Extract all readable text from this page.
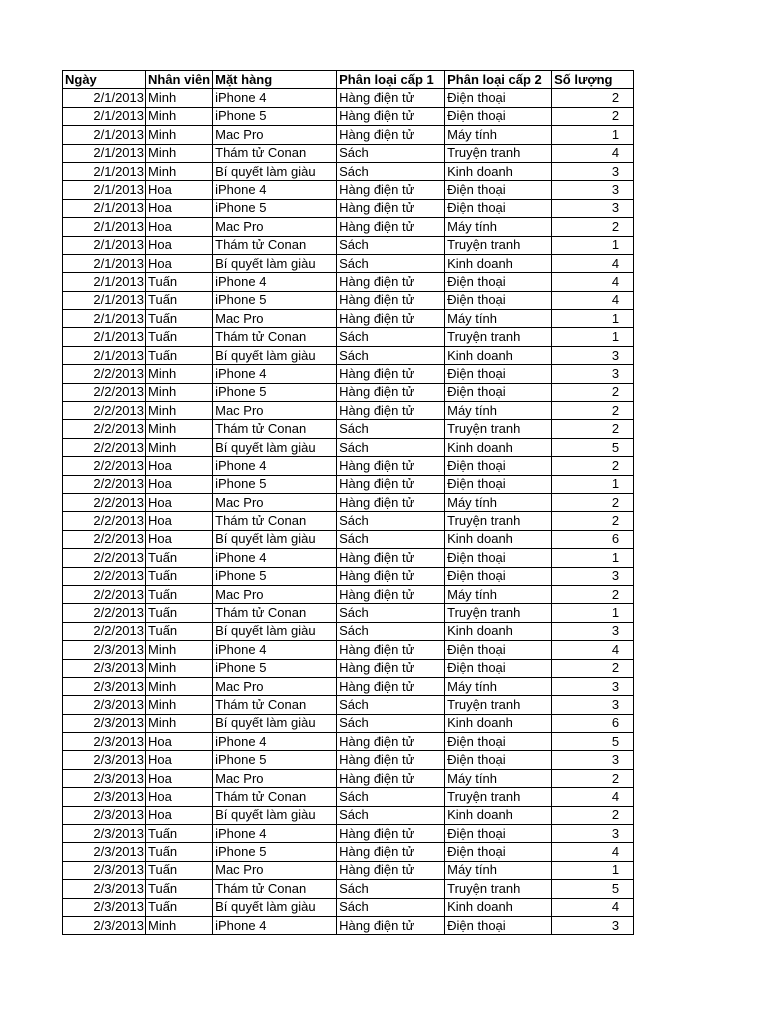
Ngày	Nhân viên	Mặt hàng	Phân loại cấp 1	Phân loại cấp 2	Số lượng
2/1/2013	Minh	iPhone 4	Hàng điện tử	Điện thoại	2
2/1/2013	Minh	iPhone 5	Hàng điện tử	Điện thoại	2
2/1/2013	Minh	Mac Pro	Hàng điện tử	Máy tính	1
2/1/2013	Minh	Thám tử Conan	Sách	Truyện tranh	4
2/1/2013	Minh	Bí quyết làm giàu	Sách	Kinh doanh	3
2/1/2013	Hoa	iPhone 4	Hàng điện tử	Điện thoại	3
2/1/2013	Hoa	iPhone 5	Hàng điện tử	Điện thoại	3
2/1/2013	Hoa	Mac Pro	Hàng điện tử	Máy tính	2
2/1/2013	Hoa	Thám tử Conan	Sách	Truyện tranh	1
2/1/2013	Hoa	Bí quyết làm giàu	Sách	Kinh doanh	4
2/1/2013	Tuấn	iPhone 4	Hàng điện tử	Điện thoại	4
2/1/2013	Tuấn	iPhone 5	Hàng điện tử	Điện thoại	4
2/1/2013	Tuấn	Mac Pro	Hàng điện tử	Máy tính	1
2/1/2013	Tuấn	Thám tử Conan	Sách	Truyện tranh	1
2/1/2013	Tuấn	Bí quyết làm giàu	Sách	Kinh doanh	3
2/2/2013	Minh	iPhone 4	Hàng điện tử	Điện thoại	3
2/2/2013	Minh	iPhone 5	Hàng điện tử	Điện thoại	2
2/2/2013	Minh	Mac Pro	Hàng điện tử	Máy tính	2
2/2/2013	Minh	Thám tử Conan	Sách	Truyện tranh	2
2/2/2013	Minh	Bí quyết làm giàu	Sách	Kinh doanh	5
2/2/2013	Hoa	iPhone 4	Hàng điện tử	Điện thoại	2
2/2/2013	Hoa	iPhone 5	Hàng điện tử	Điện thoại	1
2/2/2013	Hoa	Mac Pro	Hàng điện tử	Máy tính	2
2/2/2013	Hoa	Thám tử Conan	Sách	Truyện tranh	2
2/2/2013	Hoa	Bí quyết làm giàu	Sách	Kinh doanh	6
2/2/2013	Tuấn	iPhone 4	Hàng điện tử	Điện thoại	1
2/2/2013	Tuấn	iPhone 5	Hàng điện tử	Điện thoại	3
2/2/2013	Tuấn	Mac Pro	Hàng điện tử	Máy tính	2
2/2/2013	Tuấn	Thám tử Conan	Sách	Truyện tranh	1
2/2/2013	Tuấn	Bí quyết làm giàu	Sách	Kinh doanh	3
2/3/2013	Minh	iPhone 4	Hàng điện tử	Điện thoại	4
2/3/2013	Minh	iPhone 5	Hàng điện tử	Điện thoại	2
2/3/2013	Minh	Mac Pro	Hàng điện tử	Máy tính	3
2/3/2013	Minh	Thám tử Conan	Sách	Truyện tranh	3
2/3/2013	Minh	Bí quyết làm giàu	Sách	Kinh doanh	6
2/3/2013	Hoa	iPhone 4	Hàng điện tử	Điện thoại	5
2/3/2013	Hoa	iPhone 5	Hàng điện tử	Điện thoại	3
2/3/2013	Hoa	Mac Pro	Hàng điện tử	Máy tính	2
2/3/2013	Hoa	Thám tử Conan	Sách	Truyện tranh	4
2/3/2013	Hoa	Bí quyết làm giàu	Sách	Kinh doanh	2
2/3/2013	Tuấn	iPhone 4	Hàng điện tử	Điện thoại	3
2/3/2013	Tuấn	iPhone 5	Hàng điện tử	Điện thoại	4
2/3/2013	Tuấn	Mac Pro	Hàng điện tử	Máy tính	1
2/3/2013	Tuấn	Thám tử Conan	Sách	Truyện tranh	5
2/3/2013	Tuấn	Bí quyết làm giàu	Sách	Kinh doanh	4
2/3/2013	Minh	iPhone 4	Hàng điện tử	Điện thoại	3
